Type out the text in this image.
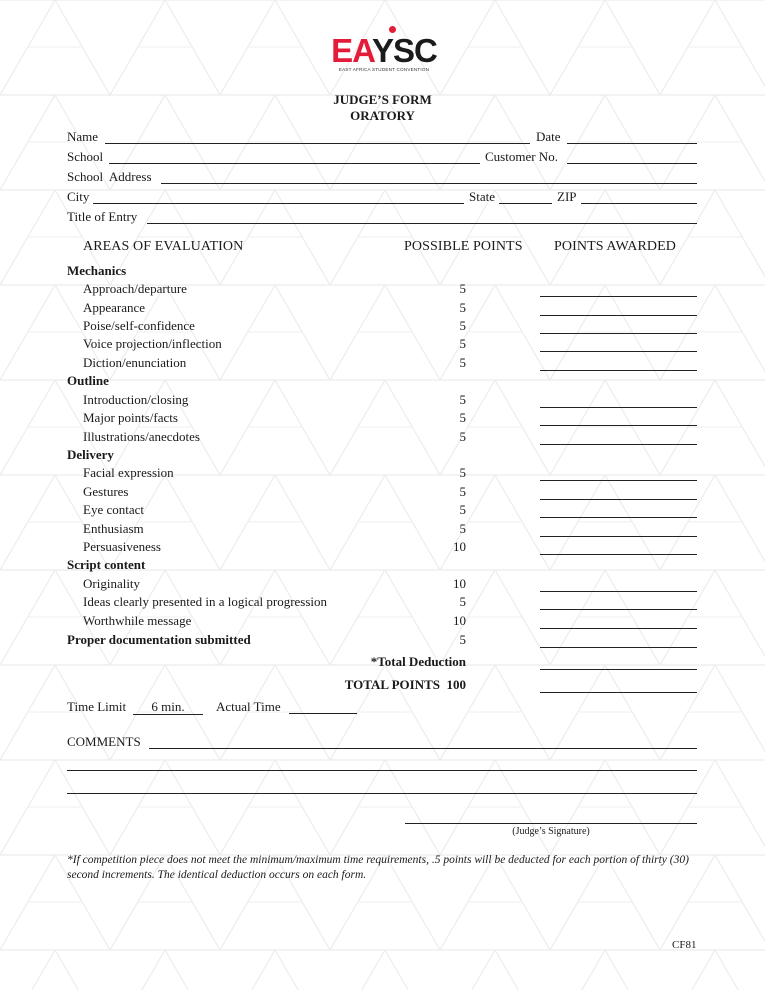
EAYSC
EAST AFRICA STUDENT CONVENTION
JUDGE’S FORM
ORATORY
Name	Date
School	Customer No.
School  Address
City	State	ZIP
Title of Entry
AREAS OF EVALUATION	POSSIBLE POINTS POINTS AWARDED
Mechanics
Approach/departure	5
Appearance	5
Poise/self-confidence	5
Voice projection/inflection	5
Diction/enunciation	5
Outline
Introduction/closing	5
Major points/facts	5
Illustrations/anecdotes	5
Delivery
Facial expression	5
Gestures	5
Eye contact	5
Enthusiasm	5
Persuasiveness	10
Script content
Originality	10
Ideas clearly presented in a logical progression	5
Worthwhile message	10
Proper documentation submitted	5
*Total Deduction
TOTAL POINTS 100
Time Limit	6 min.	Actual Time
COMMENTS
(Judge’s Signature)
*If competition piece does not meet the minimum/maximum time requirements, .5 points will be deducted for each portion of thirty (30) second increments. The identical deduction occurs on each form.
CF81
